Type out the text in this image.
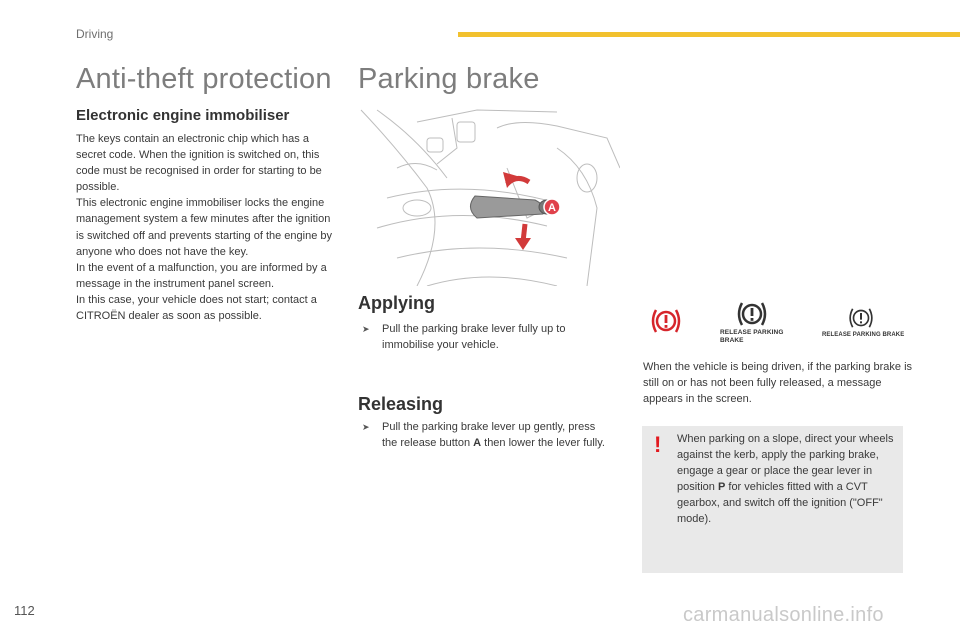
Driving
Anti-theft protection Parking brake
Electronic engine immobiliser
The keys contain an electronic chip which has a secret code. When the ignition is switched on, this code must be recognised in order for starting to be possible.
This electronic engine immobiliser locks the engine management system a few minutes after the ignition is switched off and prevents starting of the engine by anyone who does not have the key.
In the event of a malfunction, you are informed by a message in the instrument panel screen.
In this case, your vehicle does not start; contact a CITROËN dealer as soon as possible.
A
Applying
➤ Pull the parking brake lever fully up to immobilise your vehicle.
Releasing
➤ Pull the parking brake lever up gently, press the release button A then lower the lever fully.
RELEASE PARKING BRAKE
RELEASE PARKING BRAKE
When the vehicle is being driven, if the parking brake is still on or has not been fully released, a message appears in the screen.
! When parking on a slope, direct your wheels against the kerb, apply the parking brake, engage a gear or place the gear lever in position P for vehicles fitted with a CVT gearbox, and switch off the ignition ("OFF" mode).
112	carmanualsonline.info
